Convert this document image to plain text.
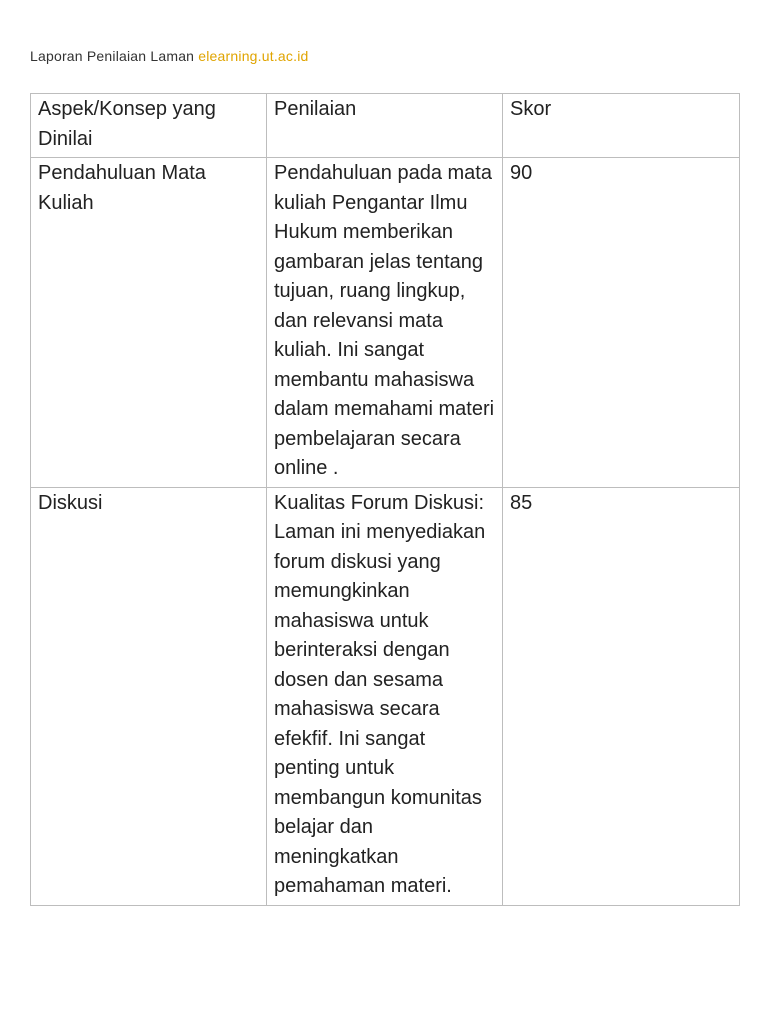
Laporan Penilaian Laman elearning.ut.ac.id
Aspek/Konsep yang Dinilai	Penilaian	Skor
Pendahuluan Mata Kuliah	Pendahuluan pada mata kuliah Pengantar Ilmu Hukum memberikan gambaran jelas tentang tujuan, ruang lingkup, dan relevansi mata kuliah. Ini sangat membantu mahasiswa dalam memahami materi pembelajaran secara online .	90
Diskusi	Kualitas Forum Diskusi: Laman ini menyediakan forum diskusi yang memungkinkan mahasiswa untuk berinteraksi dengan dosen dan sesama mahasiswa secara efekfif. Ini sangat penting untuk membangun komunitas belajar dan meningkatkan pemahaman materi.	85
